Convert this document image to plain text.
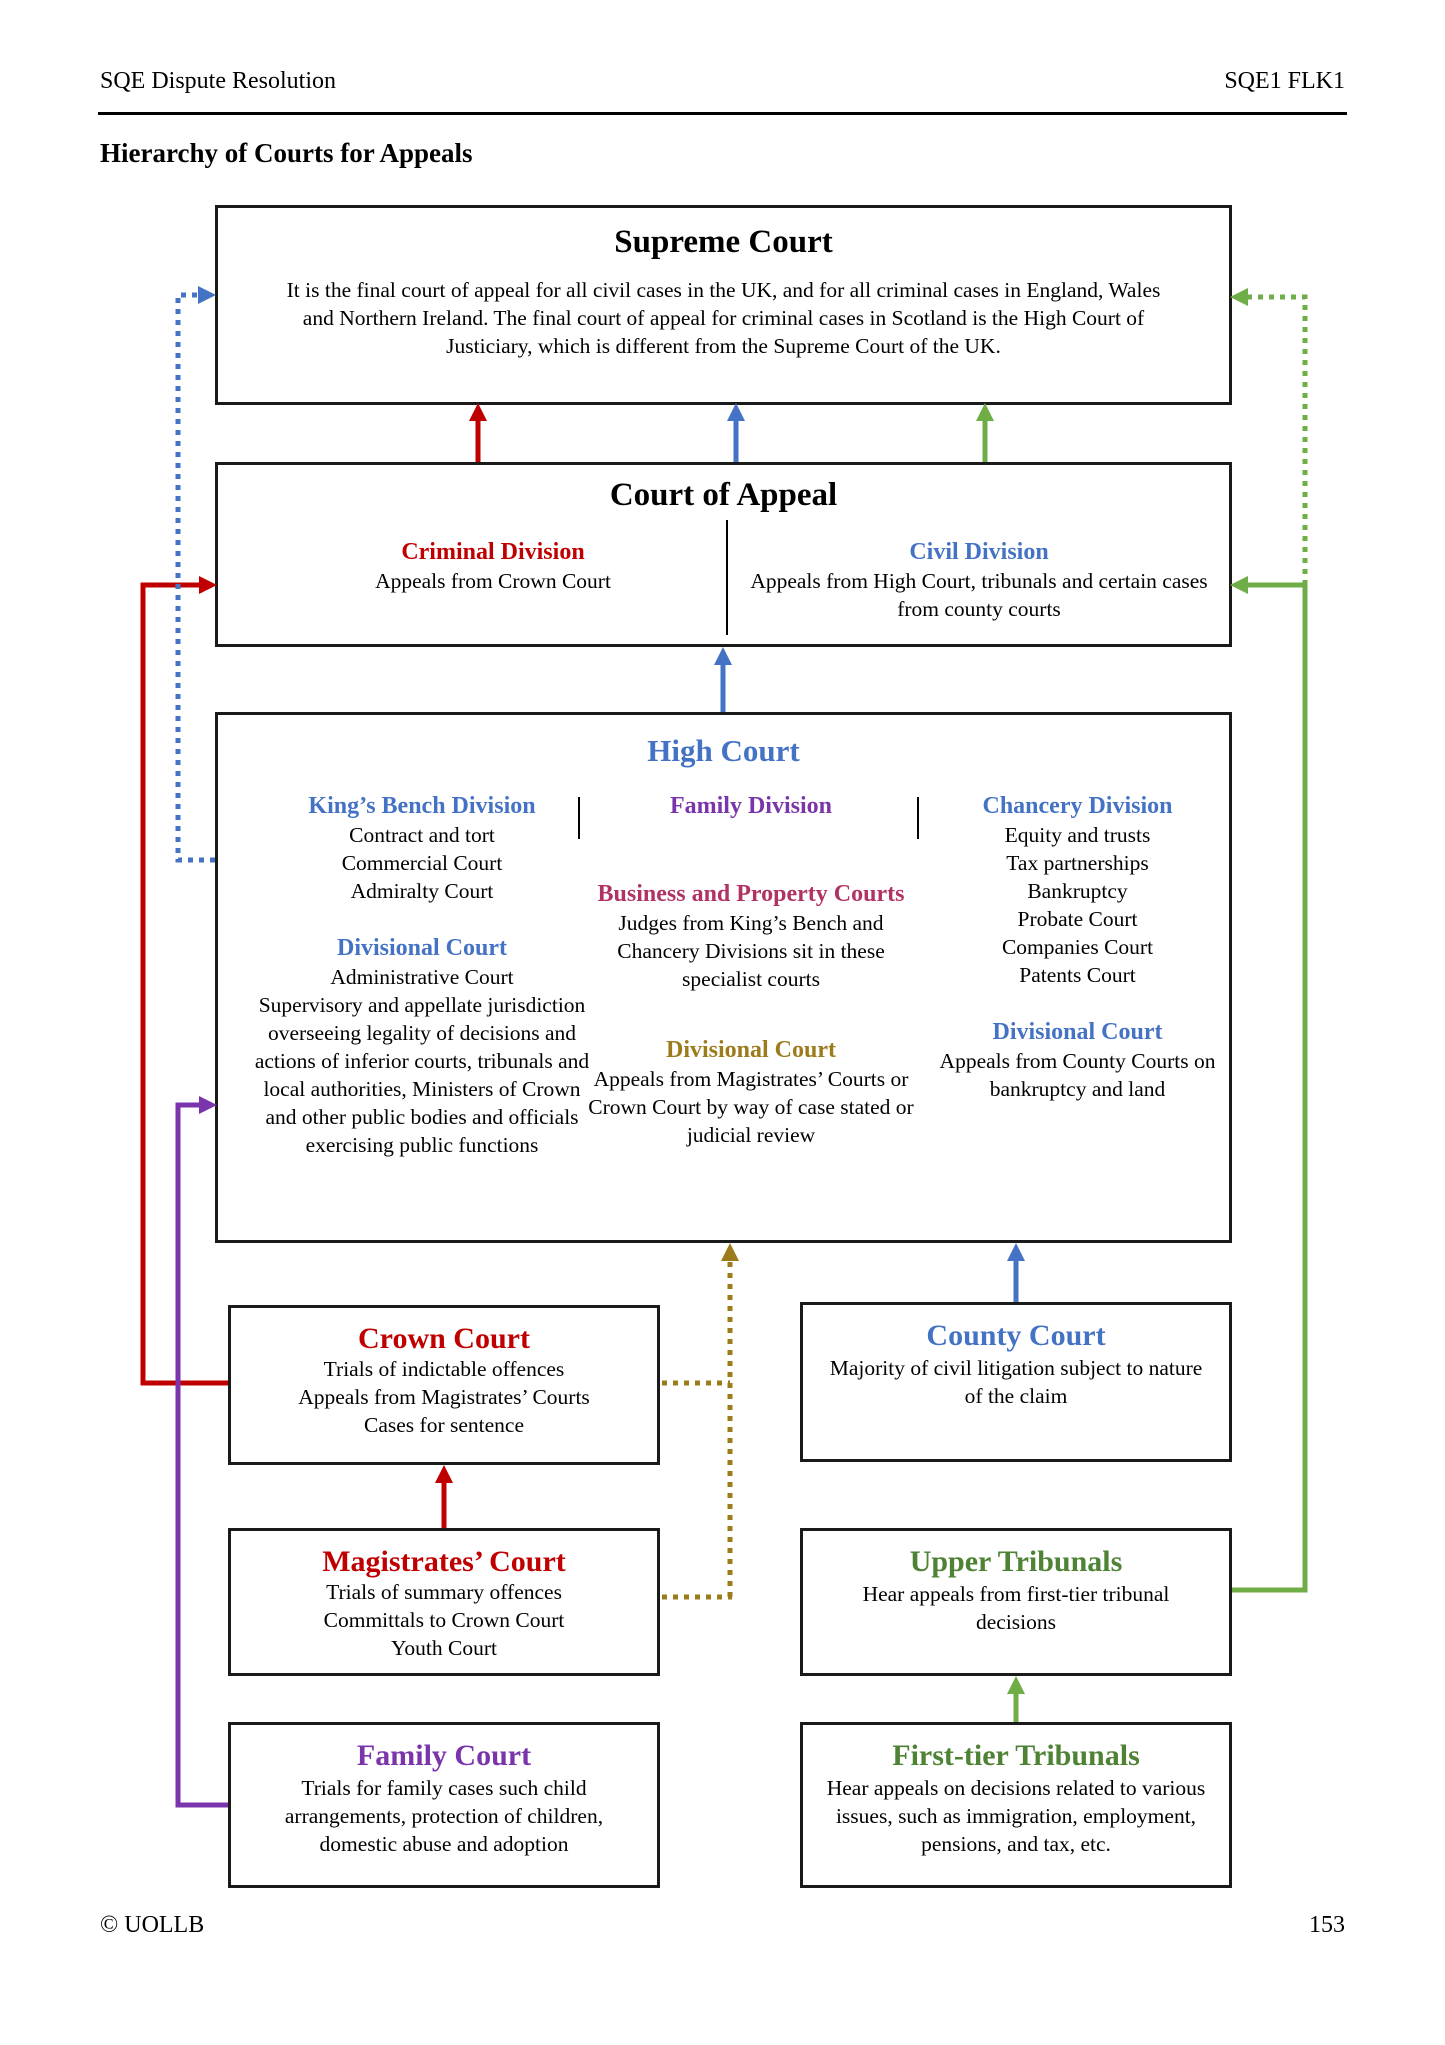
SQE Dispute Resolution	SQE1 FLK1
Hierarchy of Courts for Appeals
Supreme Court
It is the final court of appeal for all civil cases in the UK, and for all criminal cases in England, Wales and Northern Ireland. The final court of appeal for criminal cases in Scotland is the High Court of Justiciary, which is different from the Supreme Court of the UK.
Court of Appeal
Criminal Division
Appeals from Crown Court
Civil Division
Appeals from High Court, tribunals and certain cases from county courts
High Court
King’s Bench Division
Contract and tort
Commercial Court
Admiralty Court
Divisional Court
Administrative Court
Supervisory and appellate jurisdiction overseeing legality of decisions and actions of inferior courts, tribunals and local authorities, Ministers of Crown and other public bodies and officials exercising public functions
Family Division
Business and Property Courts
Judges from King’s Bench and Chancery Divisions sit in these specialist courts
Divisional Court
Appeals from Magistrates’ Courts or Crown Court by way of case stated or judicial review
Chancery Division
Equity and trusts
Tax partnerships
Bankruptcy
Probate Court
Companies Court
Patents Court
Divisional Court
Appeals from County Courts on bankruptcy and land
Crown Court
Trials of indictable offences
Appeals from Magistrates’ Courts
Cases for sentence
County Court
Majority of civil litigation subject to nature of the claim
Magistrates’ Court
Trials of summary offences
Committals to Crown Court
Youth Court
Upper Tribunals
Hear appeals from first-tier tribunal decisions
Family Court
Trials for family cases such child arrangements, protection of children, domestic abuse and adoption
First-tier Tribunals
Hear appeals on decisions related to various issues, such as immigration, employment, pensions, and tax, etc.
© UOLLB	153
